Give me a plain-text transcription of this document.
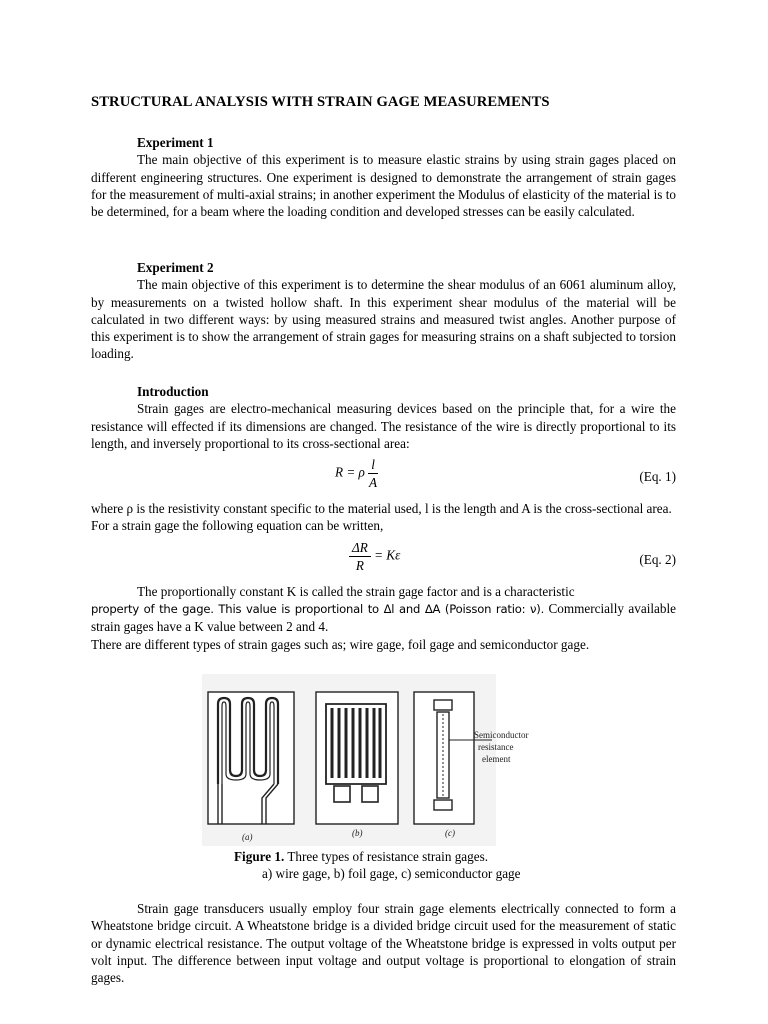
STRUCTURAL ANALYSIS WITH STRAIN GAGE MEASUREMENTS
Experiment 1

The main objective of this experiment is to measure elastic strains by using strain gages placed on different engineering structures. One experiment is designed to demonstrate the arrangement of strain gages for the measurement of multi-axial strains; in another experiment the Modulus of elasticity of the material is to be determined, for a beam where the loading condition and developed stresses can be easily calculated.

Experiment 2

The main objective of this experiment is to determine the shear modulus of an 6061 aluminum alloy, by measurements on a twisted hollow shaft. In this experiment shear modulus of the material will be calculated in two different ways: by using measured strains and measured twist angles. Another purpose of this experiment is to show the arrangement of strain gages for measuring strains on a shaft subjected to torsion loading.

Introduction

Strain gages are electro-mechanical measuring devices based on the principle that, for a wire the resistance will effected if its dimensions are changed. The resistance of the wire is directly proportional to its length, and inversely proportional to its cross-sectional area:

R = ρ $\frac{l}{A}$	(Eq. 1)

where ρ is the resistivity constant specific to the material used, l is the length and A is the cross-sectional area.

For a strain gage the following equation can be written,

$\frac{\Delta R}{R} = K\varepsilon$	(Eq. 2)

The proportionally constant K is called the strain gage factor and is a characteristic

property of the gage. This value is proportional to Δl and ΔA (Poisson ratio: ν). Commercially available strain gages have a K value between 2 and 4.

There are different types of strain gages such as; wire gage, foil gage and semiconductor gage.

Semiconductor
resistance
element
(a)	(b)	(c)
Figure 1. Three types of resistance strain gages.
a) wire gage, b) foil gage, c) semiconductor gage

Strain gage transducers usually employ four strain gage elements electrically connected to form a Wheatstone bridge circuit. A Wheatstone bridge is a divided bridge circuit used for the measurement of static or dynamic electrical resistance. The output voltage of the Wheatstone bridge is expressed in volts output per volt input. The difference between input voltage and output voltage is proportional to elongation of strain gages.
